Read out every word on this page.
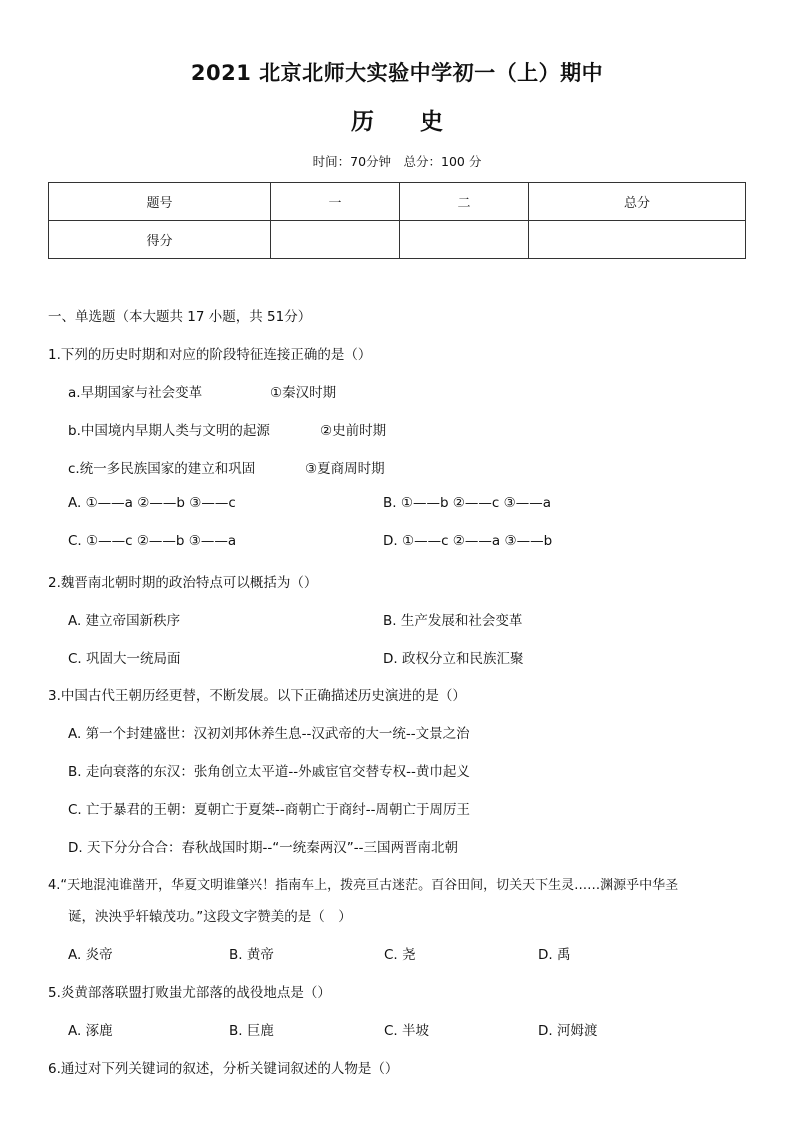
2021 北京北师大实验中学初一（上）期中
历 史
时间：70分钟　总分：100 分
题号	一	二	总分
得分			
一、单选题（本大题共 17 小题，共 51分）
1.下列的历史时期和对应的阶段特征连接正确的是（）
a.早期国家与社会变革	①秦汉时期
b.中国境内早期人类与文明的起源	②史前时期
c.统一多民族国家的建立和巩固	③夏商周时期
A. ①——a ②——b ③——c	B. ①——b ②——c ③——a
C. ①——c ②——b ③——a	D. ①——c ②——a ③——b
2.魏晋南北朝时期的政治特点可以概括为（）
A. 建立帝国新秩序	B. 生产发展和社会变革
C. 巩固大一统局面	D. 政权分立和民族汇聚
3.中国古代王朝历经更替，不断发展。以下正确描述历史演进的是（）
A. 第一个封建盛世：汉初刘邦休养生息--汉武帝的大一统--文景之治
B. 走向衰落的东汉：张角创立太平道--外戚宦官交替专权--黄巾起义
C. 亡于暴君的王朝：夏朝亡于夏桀--商朝亡于商纣--周朝亡于周厉王
D. 天下分分合合：春秋战国时期--“一统秦两汉”--三国两晋南北朝
4.“天地混沌谁凿开，华夏文明谁肇兴！指南车上，拨亮亘古迷茫。百谷田间，切关天下生灵……渊源乎中华圣
诞，泱泱乎轩辕茂功。”这段文字赞美的是（　）
A. 炎帝	B. 黄帝	C. 尧	D. 禹
5.炎黄部落联盟打败蚩尤部落的战役地点是（）
A. 涿鹿	B. 巨鹿	C. 半坡	D. 河姆渡
6.通过对下列关键词的叙述，分析关键词叙述的人物是（）
